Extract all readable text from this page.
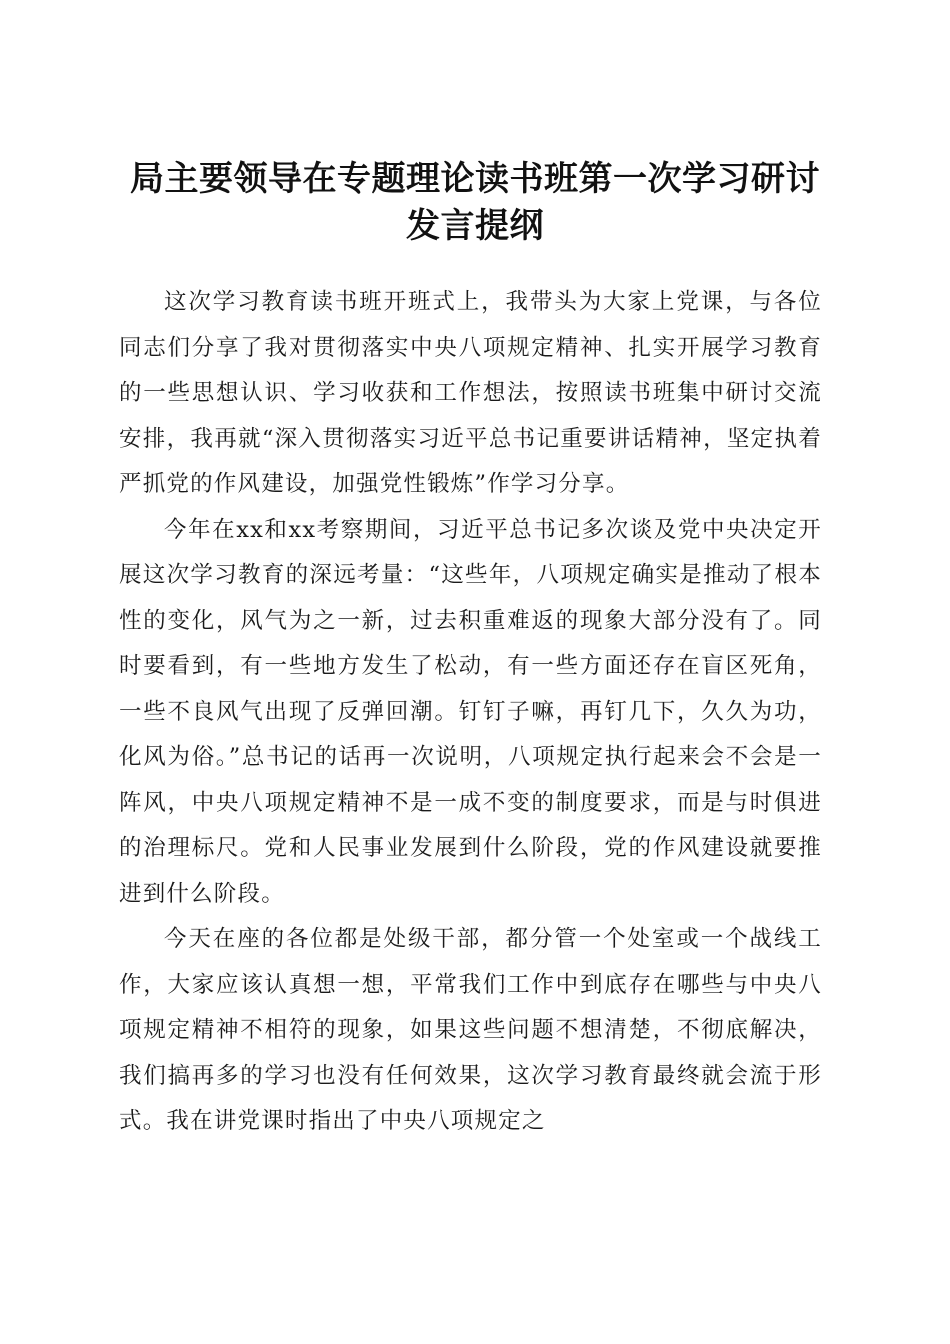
局主要领导在专题理论读书班第一次学习研讨
发言提纲

这次学习教育读书班开班式上，我带头为大家上党课，与各位同志们分享了我对贯彻落实中央八项规定精神、扎实开展学习教育的一些思想认识、学习收获和工作想法，按照读书班集中研讨交流安排，我再就“深入贯彻落实习近平总书记重要讲话精神，坚定执着严抓党的作风建设，加强党性锻炼”作学习分享。

今年在xx和xx考察期间，习近平总书记多次谈及党中央决定开展这次学习教育的深远考量：“这些年，八项规定确实是推动了根本性的变化，风气为之一新，过去积重难返的现象大部分没有了。同时要看到，有一些地方发生了松动，有一些方面还存在盲区死角，一些不良风气出现了反弹回潮。钉钉子嘛，再钉几下，久久为功，化风为俗。”总书记的话再一次说明，八项规定执行起来会不会是一阵风，中央八项规定精神不是一成不变的制度要求，而是与时俱进的治理标尺。党和人民事业发展到什么阶段，党的作风建设就要推进到什么阶段。

今天在座的各位都是处级干部，都分管一个处室或一个战线工作，大家应该认真想一想，平常我们工作中到底存在哪些与中央八项规定精神不相符的现象，如果这些问题不想清楚，不彻底解决，我们搞再多的学习也没有任何效果，这次学习教育最终就会流于形式。我在讲党课时指出了中央八项规定之
